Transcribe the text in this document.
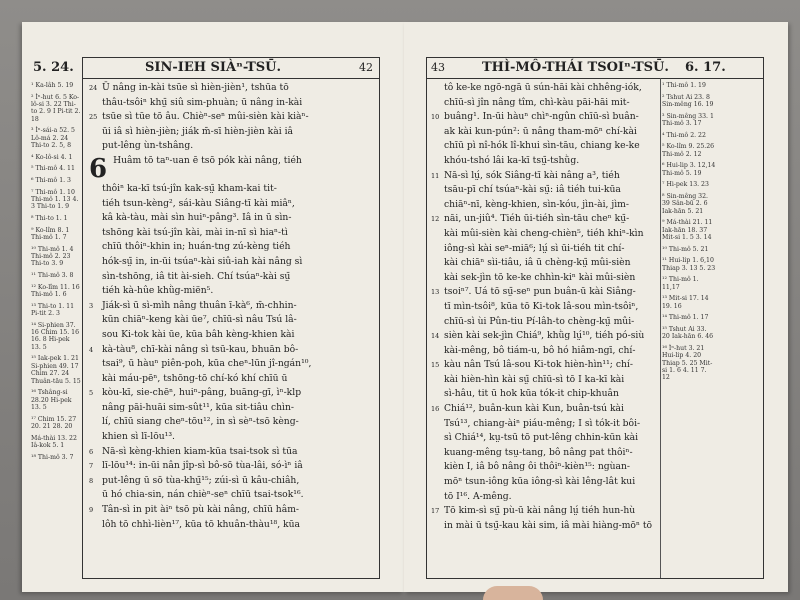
5. 24.	SIN-IEH SIÀⁿ-TSŪ.	42
¹ Ka-lâh 5. 19
² Ìⁿ-hut 6. 5 Ko-lô-si 3. 22 Thi-to 2. 9 I Pi-tit 2. 18
³ Ìⁿ-sái-a 52. 5 Lô-má 2. 24 Thi-to 2. 5, 8
⁴ Ko-lô-si 4. 1
⁵ Thi-mô 4. 11
⁶ Thi-mô 1. 3
⁷ Thi-mô 1. 10 Thi-mô 1. 13 4. 3 Thi-to 1. 9
⁸ Thi-to 1. 1
⁹ Ko-lîm 8. 1 Thi-mô 1. 7
¹⁰ Thi-mô 1. 4 Thi-mô 2. 23 Thi-to 3. 9
¹¹ Thi-mô 3. 8
¹² Ko-lîm 11. 16 Thi-mô 1. 6
¹³ Thi-to 1. 11 Pi-tit 2. 3
¹⁴ Si-phien 37. 16 Chim 15. 16 16. 8 Hi-pek 13. 5
¹⁵ Iak-pek 1. 21 Si-phien 49. 17 Chim 27. 24 Thuân-tāu 5. 15
¹⁶ Tshâng-si 28.20 Hi-pek 13. 5
¹⁷ Chim 15. 27 20. 21 28. 20
Má-thài 13. 22 Iâ-kok 5. 1
¹⁸ Thi-mô 3. 7
24 Ū nâng in-kài tsūe sì hièn-jièn¹, tshūa tō
thâu-tsôiⁿ khṳ̄ siû sim-phuàn; ū nâng in-kài
25 tsūe sì tūe tō âu. Chièⁿ-seⁿ mûi-sièn kài kiàⁿ-
ūi iâ sì hièn-jièn; jiák m̄-sī hièn-jièn kài iâ
put-lêng ùn-tshâng.
6 Huâm tō taⁿ-uan ē tsō pók kài nâng, tiéh
thôiⁿ ka-kī tsú-jîn kak-sṳ̄ kham-kai tit-
tiéh tsun-kèng², sái-kàu Siâng-tī kài miâⁿ,
kâ kà-tàu, mài sìn huiⁿ-pâng³. Iâ in ū sìn-
tshōng kài tsú-jîn kài, mài in-nī sì hiaⁿ-tì
chīū thôiⁿ-khin in; huán-tng zú-kèng tiéh
hók-sṳ̄ in, in-ūi tsúaⁿ-kài siû-iah kài nâng sì
sìn-tshōng, iâ tit ài-sieh. Chí tsúaⁿ-kài sṳ̄
tiéh kà-hûe khǜg-miën⁵.
3 Jiák-sì ū sì-mìh nâng thuân ī-kà⁶, m̄-chhin-
kūn chiāⁿ-keng kài ūe⁷, chīū-sì nâu Tsú lâ-
sou Ki-tok kài ūe, kūa bâh kèng-khien kài
4 kà-tàu⁸, chī-kài nâng sì tsū-kau, bhuān bô-
tsai⁹, ū hàuⁿ piên-poh, kūa cheⁿ-lūn jî-ngán¹⁰,
kài máu-pēⁿ, tshōng-tō chí-kó khí chīū ū
5 kòu-kī, sie-chēⁿ, huiⁿ-pâng, buāng-gī, ìⁿ-klp
nâng pāi-huāi sim-sût¹¹, kūa sit-tiâu chìn-
lí, chīū siang cheⁿ-tōu¹², in sì sèⁿ-tsō kèng-
khien sì lī-lōu¹³.
6 Nā-sì kèng-khien kiam-kūa tsai-tsok sì tūa
7 lī-lōu¹⁴: in-ūi nân jîp-sì bô-sō tùa-lâi, só-ìⁿ iâ
8 put-lêng ū sō tùa-khṳ̄¹⁵; zúi-sì ū kâu-chiâh,
ū hó chia-sin, nán chièⁿ-seⁿ chīū tsai-tsok¹⁶.
9 Tân-sì in pit àiⁿ tsō pù kài nâng, chīū hâm-
lôh tō chhì-lièn¹⁷, kūa tō khuân-thàu¹⁸, kūa
43	THÌ-MÔ-THÁI TSOIⁿ-TSŪ. 6. 17.
tô ke-ke ngō-ngā ū sún-hāi kài chhêng-iók,
chīū-sì jîn nâng tîm, chì-kàu pāi-hāi mit-
10 buâng¹. In-ūi hàuⁿ chìⁿ-ngûn chīū-sì buân-
ak kài kun-pún²: ū nâng tham-mōⁿ chí-kài
chīū pì nî-hók lî-khui sìn-tāu, chiang ke-ke
khóu-tshó lâi ka-kī tsṳ̄-tshǜg.
11 Nā-sì lṳ́, sók Siâng-tī kài nâng a³, tiéh
tsāu-pī chí tsúaⁿ-kài sṳ̄: iâ tiéh tui-kūa
chiāⁿ-nī, kèng-khien, sìn-kóu, jìn-ài, jìm-
12 nāi, un-jiû⁴. Tiéh ūi-tiéh sìn-tāu cheⁿ kṳ̄-
kài mûi-sièn kài cheng-chièn⁵, tiéh khiⁿ-kìn
iông-sì kài seⁿ-miā⁶; lṳ́ sì ūi-tiéh tit chí-
kài chiāⁿ sìi-tiâu, iâ ū chèng-kṳ̄ mûi-sièn
kài sek-jìn tō ke-ke chhìn-kiⁿ kài mûi-sièn
13 tsoiⁿ⁷. Uá tō sṳ̄-seⁿ pun buân-ū kài Siâng-
tī mìn-tsôi⁸, kūa tō Ki-tok lâ-sou mìn-tsôiⁿ,
chīū-sì ùi Pûn-tiu Pí-lâh-to chèng-kṳ̄ mûi-
14 sièn kài sek-jìn Chiá⁹, khǜg lṳ́¹⁰, tiéh pó-siù
kài-mêng, bô tiám-u, bô hó hiâm-ngī, chí-
15 kàu nân Tsú lâ-sou Ki-tok hièn-hìn¹¹; chí-
kài hièn-hìn kài sṳ̄ chīū-sì tō I ka-kī kài
sì-hâu, tit ū hok kūa tók-it chip-khuân
16 Chiá¹², buân-kun kài Kun, buân-tsú kài
Tsú¹³, chiang-àiⁿ piáu-mêng; I sì tók-it bôi-
sì Chiá¹⁴, kṳ-tsū tō put-lêng chhin-kūn kài
kuang-mêng tsṳ-tang, bô nâng pat thôiⁿ-
kièn I, iâ bô nâng ôi thôiⁿ-kièn¹⁵: ngùan-
mōⁿ tsun-iông kūa iông-sì kài lêng-lât kui
tō I¹⁶. A-mêng.
17 Tō kim-sì sṳ̄ pù-ū kài nâng lṳ́ tiéh hun-hù
in mài ū tsṳ̄-kau kài sim, iâ mài hiàng-mōⁿ tō
¹ Thi-mô 1. 19
² Tshut Ai 23. 8 Sin-mêng 16. 19
³ Sin-mêng 33. 1 Thi-mô 3. 17
⁴ Thi-mô 2. 22
⁵ Ko-lîm 9. 25.26 Thi-mô 2. 12
⁶ Hui-lip 3. 12,14 Thi-mô 5. 19
⁷ Hi-pek 13. 23
⁸ Sin-mêng 32. 39 Sân-bū 2. 6 Iak-hān 5. 21
⁹ Má-thài 21. 11 Iak-hān 18. 37 Mit-si 1. 5 3. 14
¹⁰ Thi-mô 5. 21
¹¹ Hui-lip 1. 6,10 Thiap 3. 13 5. 23
¹² Thi-mô 1. 11,17
¹³ Mit-si 17. 14 19. 16
¹⁴ Thi-mô 1. 17
¹⁵ Tshut Ai 33. 20 Iak-hān 6. 46
¹⁶ Ìⁿ-hut 3. 21 Hui-lip 4. 20 Thiap 5. 25 Mit-si 1. 6 4. 11 7. 12
